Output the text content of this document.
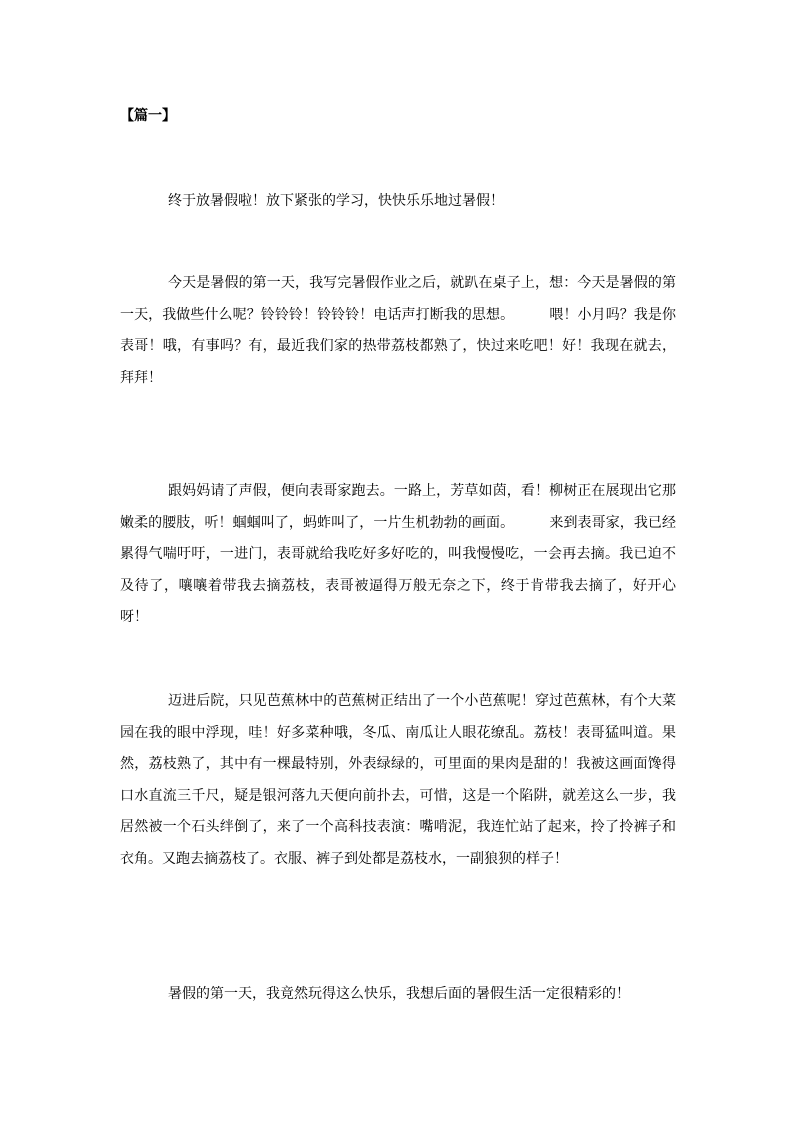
【篇一】

终于放暑假啦！放下紧张的学习，快快乐乐地过暑假！

今天是暑假的第一天，我写完暑假作业之后，就趴在桌子上，想：今天是暑假的第一天，我做些什么呢？铃铃铃！铃铃铃！电话声打断我的思想。　　　喂！小月吗？我是你表哥！哦，有事吗？有，最近我们家的热带荔枝都熟了，快过来吃吧！好！我现在就去，拜拜！

跟妈妈请了声假，便向表哥家跑去。一路上，芳草如茵，看！柳树正在展现出它那嫩柔的腰肢，听！蝈蝈叫了，蚂蚱叫了，一片生机勃勃的画面。　　　来到表哥家，我已经累得气喘吁吁，一进门，表哥就给我吃好多好吃的，叫我慢慢吃，一会再去摘。我已迫不及待了，嚷嚷着带我去摘荔枝，表哥被逼得万般无奈之下，终于肯带我去摘了，好开心呀！

迈进后院，只见芭蕉林中的芭蕉树正结出了一个小芭蕉呢！穿过芭蕉林，有个大菜园在我的眼中浮现，哇！好多菜种哦，冬瓜、南瓜让人眼花缭乱。荔枝！表哥猛叫道。果然，荔枝熟了，其中有一棵最特别，外表绿绿的，可里面的果肉是甜的！我被这画面馋得口水直流三千尺，疑是银河落九天便向前扑去，可惜，这是一个陷阱，就差这么一步，我居然被一个石头绊倒了，来了一个高科技表演：嘴啃泥，我连忙站了起来，拎了拎裤子和衣角。又跑去摘荔枝了。衣服、裤子到处都是荔枝水，一副狼狈的样子！

暑假的第一天，我竟然玩得这么快乐，我想后面的暑假生活一定很精彩的！
